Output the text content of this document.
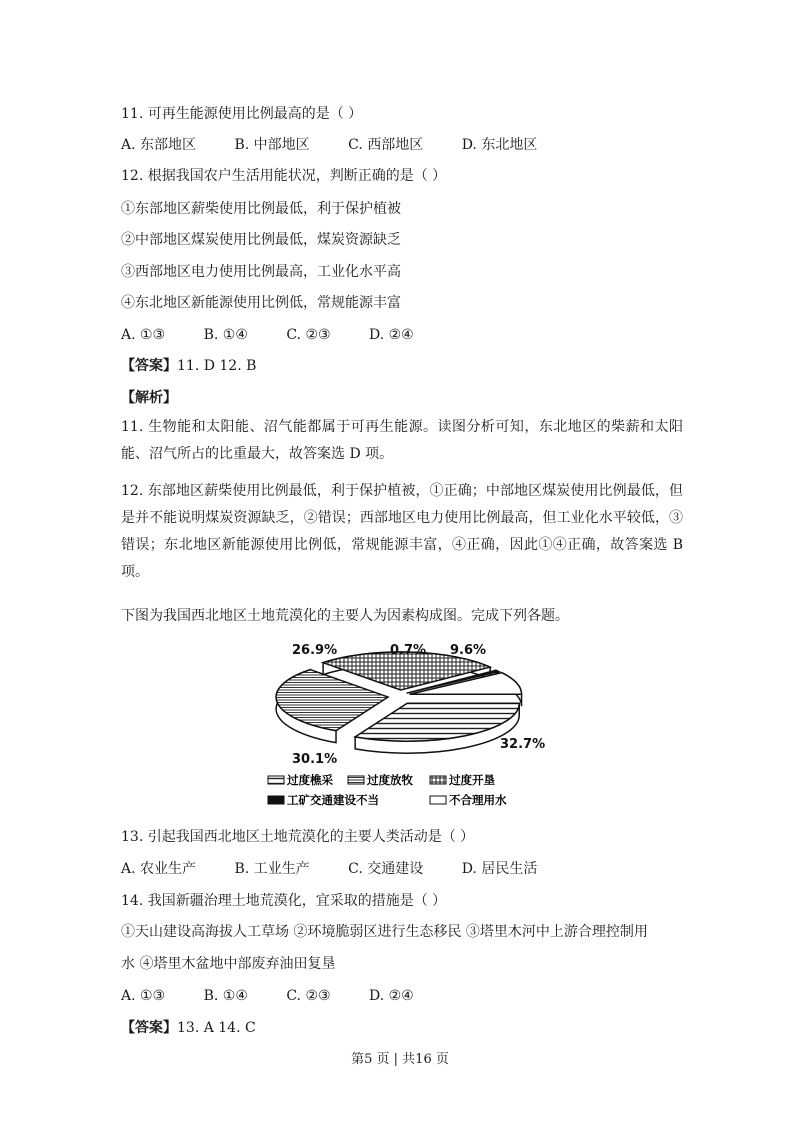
11. 可再生能源使用比例最高的是（ ）
A. 东部地区	B. 中部地区	C. 西部地区	D. 东北地区
12. 根据我国农户生活用能状况，判断正确的是（ ）
①东部地区薪柴使用比例最低，利于保护植被
②中部地区煤炭使用比例最低，煤炭资源缺乏
③西部地区电力使用比例最高，工业化水平高
④东北地区新能源使用比例低，常规能源丰富
A. ①③	B. ①④	C. ②③	D. ②④
【答案】11. D 12. B
【解析】
11. 生物能和太阳能、沼气能都属于可再生能源。读图分析可知，东北地区的柴薪和太阳能、沼气所占的比重最大，故答案选 D 项。
12. 东部地区薪柴使用比例最低，利于保护植被，①正确；中部地区煤炭使用比例最低，但是并不能说明煤炭资源缺乏，②错误；西部地区电力使用比例最高，但工业化水平较低，③错误；东北地区新能源使用比例低，常规能源丰富，④正确，因此①④正确，故答案选 B 项。
下图为我国西北地区土地荒漠化的主要人为因素构成图。完成下列各题。
32.7%
30.1%
26.9%	0.7% 9.6%
过度樵采	过度放牧	过度开垦
工矿交通建设不当	不合理用水
13. 引起我国西北地区土地荒漠化的主要人类活动是（ ）
A. 农业生产	B. 工业生产	C. 交通建设	D. 居民生活
14. 我国新疆治理土地荒漠化，宜采取的措施是（ ）
①天山建设高海拔人工草场 ②环境脆弱区进行生态移民 ③塔里木河中上游合理控制用
水 ④塔里木盆地中部废弃油田复垦
A. ①③	B. ①④	C. ②③	D. ②④
【答案】13. A 14. C
第5 页 | 共16 页
